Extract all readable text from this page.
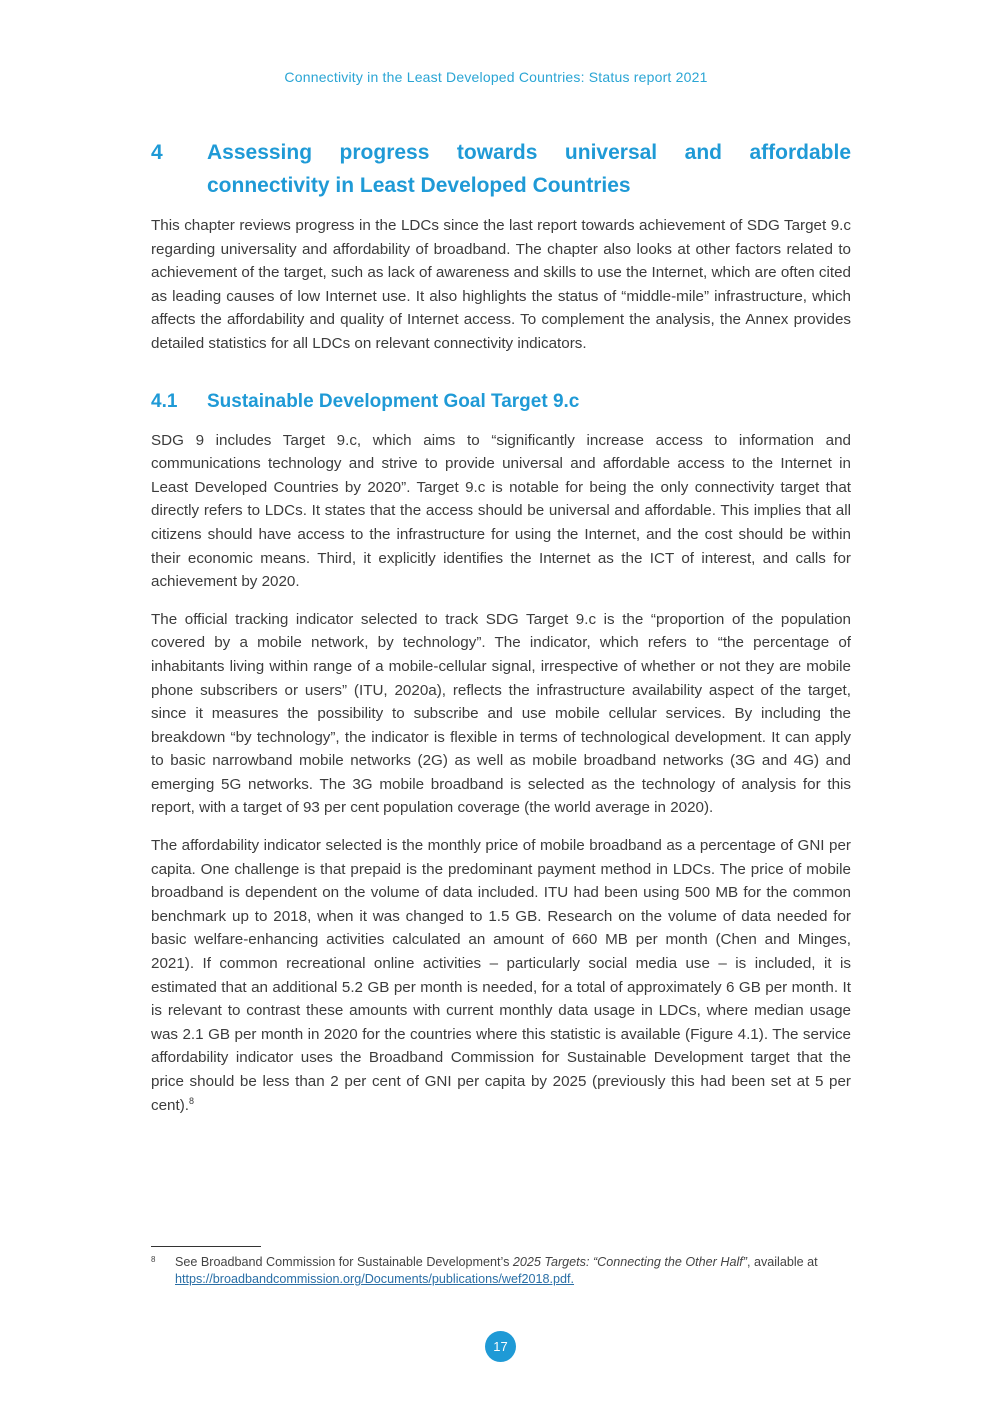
Connectivity in the Least Developed Countries: Status report 2021
4	Assessing progress towards universal and affordable connectivity in Least Developed Countries

This chapter reviews progress in the LDCs since the last report towards achievement of SDG Target 9.c regarding universality and affordability of broadband. The chapter also looks at other factors related to achievement of the target, such as lack of awareness and skills to use the Internet, which are often cited as leading causes of low Internet use. It also highlights the status of “middle-mile” infrastructure, which affects the affordability and quality of Internet access. To complement the analysis, the Annex provides detailed statistics for all LDCs on relevant connectivity indicators.

4.1	Sustainable Development Goal Target 9.c

SDG 9 includes Target 9.c, which aims to “significantly increase access to information and communications technology and strive to provide universal and affordable access to the Internet in Least Developed Countries by 2020”. Target 9.c is notable for being the only connectivity target that directly refers to LDCs. It states that the access should be universal and affordable. This implies that all citizens should have access to the infrastructure for using the Internet, and the cost should be within their economic means. Third, it explicitly identifies the Internet as the ICT of interest, and calls for achievement by 2020.

The official tracking indicator selected to track SDG Target 9.c is the “proportion of the population covered by a mobile network, by technology”. The indicator, which refers to “the percentage of inhabitants living within range of a mobile-cellular signal, irrespective of whether or not they are mobile phone subscribers or users” (ITU, 2020a), reflects the infrastructure availability aspect of the target, since it measures the possibility to subscribe and use mobile cellular services. By including the breakdown “by technology”, the indicator is flexible in terms of technological development. It can apply to basic narrowband mobile networks (2G) as well as mobile broadband networks (3G and 4G) and emerging 5G networks. The 3G mobile broadband is selected as the technology of analysis for this report, with a target of 93 per cent population coverage (the world average in 2020).

The affordability indicator selected is the monthly price of mobile broadband as a percentage of GNI per capita. One challenge is that prepaid is the predominant payment method in LDCs. The price of mobile broadband is dependent on the volume of data included. ITU had been using 500 MB for the common benchmark up to 2018, when it was changed to 1.5 GB. Research on the volume of data needed for basic welfare-enhancing activities calculated an amount of 660 MB per month (Chen and Minges, 2021). If common recreational online activities – particularly social media use – is included, it is estimated that an additional 5.2 GB per month is needed, for a total of approximately 6 GB per month. It is relevant to contrast these amounts with current monthly data usage in LDCs, where median usage was 2.1 GB per month in 2020 for the countries where this statistic is available (Figure 4.1). The service affordability indicator uses the Broadband Commission for Sustainable Development target that the price should be less than 2 per cent of GNI per capita by 2025 (previously this had been set at 5 per cent).$^8$

8	See Broadband Commission for Sustainable Development’s 2025 Targets: “Connecting the Other Half”, available at https://broadbandcommission.org/Documents/publications/wef2018.pdf.
17
